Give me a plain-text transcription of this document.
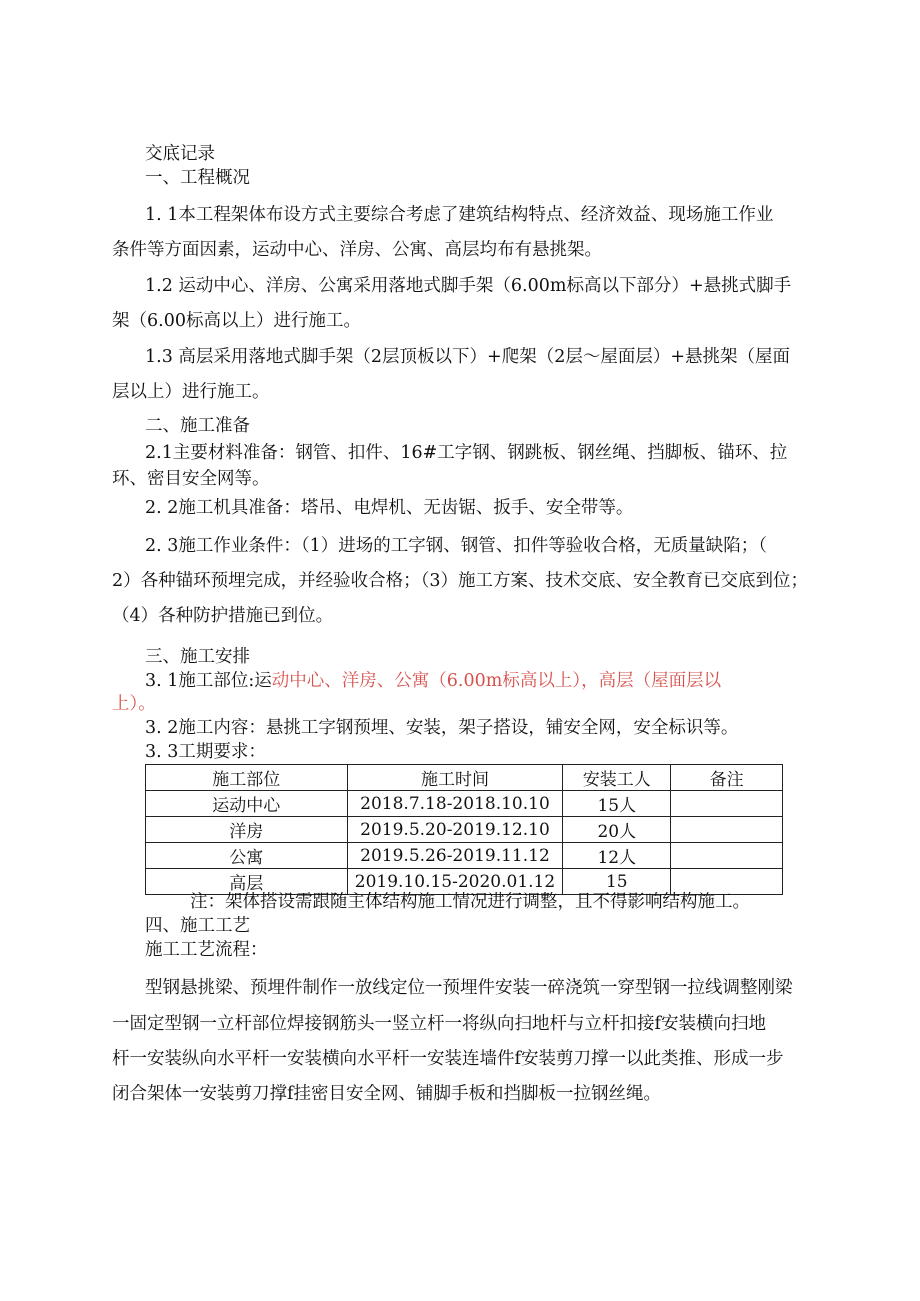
交底记录
一、工程概况
1. 1本工程架体布设方式主要综合考虑了建筑结构特点、经济效益、现场施工作业
条件等方面因素，运动中心、洋房、公寓、高层均布有悬挑架。
1.2 运动中心、洋房、公寓采用落地式脚手架（6.00m标高以下部分）+悬挑式脚手
架（6.00标高以上）进行施工。
1.3 高层采用落地式脚手架（2层顶板以下）+爬架（2层～屋面层）+悬挑架（屋面
层以上）进行施工。
二、施工准备
2.1主要材料准备：钢管、扣件、16#工字钢、钢跳板、钢丝绳、挡脚板、锚环、拉
环、密目安全网等。
2. 2施工机具准备：塔吊、电焊机、无齿锯、扳手、安全带等。
2. 3施工作业条件：（1）进场的工字钢、钢管、扣件等验收合格，无质量缺陷；（
2）各种锚环预埋完成，并经验收合格；（3）施工方案、技术交底、安全教育已交底到位；
（4）各种防护措施已到位。
三、施工安排
3. 1施工部位:运动中心、洋房、公寓（6.00m标高以上），高层（屋面层以
上）。
3. 2施工内容：悬挑工字钢预埋、安装，架子搭设，铺安全网，安全标识等。
3. 3工期要求：
施工部位	施工时间	安装工人	备注
运动中心	2018.7.18-2018.10.10	15人	
洋房	2019.5.20-2019.12.10	20人	
公寓	2019.5.26-2019.11.12	12人	
高层	2019.10.15-2020.01.12	15	
注：架体搭设需跟随主体结构施工情况进行调整，且不得影响结构施工。
四、施工工艺
施工工艺流程：
型钢悬挑梁、预埋件制作一放线定位一预埋件安装一碎浇筑一穿型钢一拉线调整刚梁
一固定型钢一立杆部位焊接钢筋头一竖立杆一将纵向扫地杆与立杆扣接f安装横向扫地
杆一安装纵向水平杆一安装横向水平杆一安装连墙件f安装剪刀撑一以此类推、形成一步
闭合架体一安装剪刀撑f挂密目安全网、铺脚手板和挡脚板一拉钢丝绳。
